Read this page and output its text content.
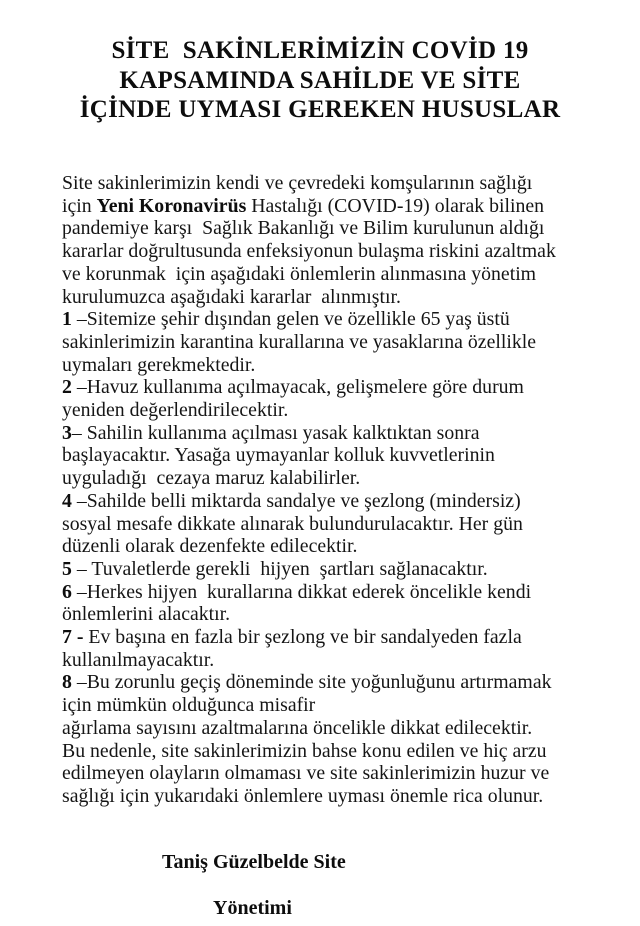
SİTE  SAKİNLERİMİZİN COVİD 19
KAPSAMINDA SAHİLDE VE SİTE
İÇİNDE UYMASI GEREKEN HUSUSLAR
Site sakinlerimizin kendi ve çevredeki komşularının sağlığı
için Yeni Koronavirüs Hastalığı (COVID-19) olarak bilinen
pandemiye karşı  Sağlık Bakanlığı ve Bilim kurulunun aldığı
kararlar doğrultusunda enfeksiyonun bulaşma riskini azaltmak
ve korunmak  için aşağıdaki önlemlerin alınmasına yönetim
kurulumuzca aşağıdaki kararlar  alınmıştır.
1 –Sitemize şehir dışından gelen ve özellikle 65 yaş üstü
sakinlerimizin karantina kurallarına ve yasaklarına özellikle
uymaları gerekmektedir.
2 –Havuz kullanıma açılmayacak, gelişmelere göre durum
yeniden değerlendirilecektir.
3– Sahilin kullanıma açılması yasak kalktıktan sonra
başlayacaktır. Yasağa uymayanlar kolluk kuvvetlerinin
uyguladığı  cezaya maruz kalabilirler.
4 –Sahilde belli miktarda sandalye ve şezlong (mindersiz)
sosyal mesafe dikkate alınarak bulundurulacaktır. Her gün
düzenli olarak dezenfekte edilecektir.
5 – Tuvaletlerde gerekli  hijyen  şartları sağlanacaktır.
6 –Herkes hijyen  kurallarına dikkat ederek öncelikle kendi
önlemlerini alacaktır.
7 - Ev başına en fazla bir şezlong ve bir sandalyeden fazla
kullanılmayacaktır.
8 –Bu zorunlu geçiş döneminde site yoğunluğunu artırmamak
için mümkün olduğunca misafir
ağırlama sayısını azaltmalarına öncelikle dikkat edilecektir.
Bu nedenle, site sakinlerimizin bahse konu edilen ve hiç arzu
edilmeyen olayların olmaması ve site sakinlerimizin huzur ve
sağlığı için yukarıdaki önlemlere uyması önemle rica olunur.
Taniş Güzelbelde Site
Yönetimi
